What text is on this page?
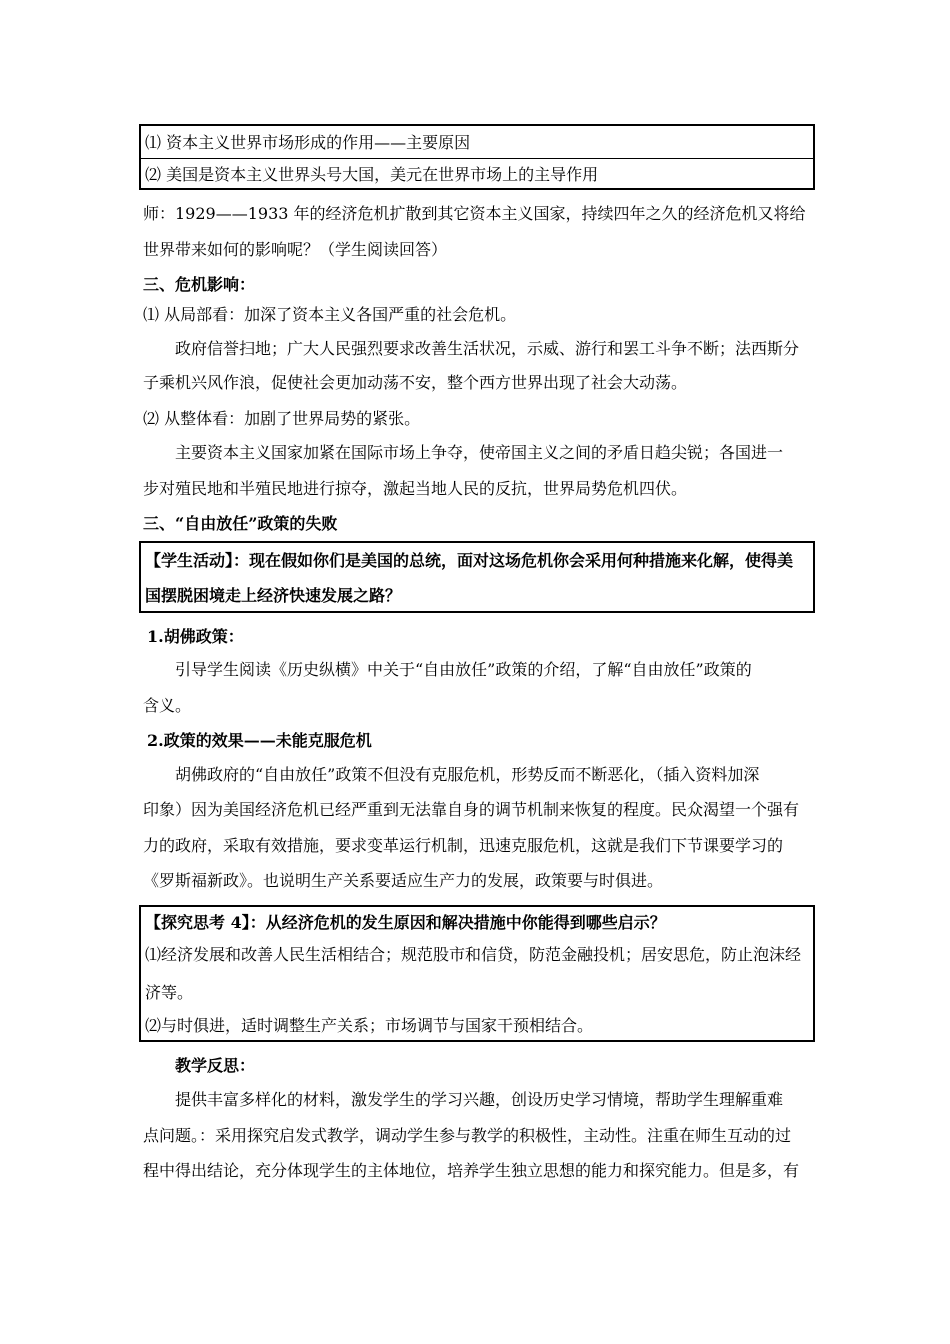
⑴ 资本主义世界市场形成的作用——主要原因
⑵ 美国是资本主义世界头号大国，美元在世界市场上的主导作用
师：1929——1933 年的经济危机扩散到其它资本主义国家，持续四年之久的经济危机又将给
世界带来如何的影响呢？（学生阅读回答）
三、危机影响：
⑴ 从局部看：加深了资本主义各国严重的社会危机。
政府信誉扫地；广大人民强烈要求改善生活状况，示威、游行和罢工斗争不断；法西斯分
子乘机兴风作浪，促使社会更加动荡不安，整个西方世界出现了社会大动荡。
⑵ 从整体看：加剧了世界局势的紧张。
主要资本主义国家加紧在国际市场上争夺，使帝国主义之间的矛盾日趋尖锐；各国进一
步对殖民地和半殖民地进行掠夺，激起当地人民的反抗，世界局势危机四伏。
三、“自由放任”政策的失败
【学生活动】：现在假如你们是美国的总统，面对这场危机你会采用何种措施来化解，使得美
国摆脱困境走上经济快速发展之路？
1.胡佛政策：
引导学生阅读《历史纵横》中关于“自由放任”政策的介绍，了解“自由放任”政策的
含义。
2.政策的效果——未能克服危机
胡佛政府的“自由放任”政策不但没有克服危机，形势反而不断恶化，（插入资料加深
印象）因为美国经济危机已经严重到无法靠自身的调节机制来恢复的程度。民众渴望一个强有
力的政府，采取有效措施，要求变革运行机制，迅速克服危机，这就是我们下节课要学习的
《罗斯福新政》。也说明生产关系要适应生产力的发展，政策要与时俱进。
【探究思考 4】：从经济危机的发生原因和解决措施中你能得到哪些启示？
⑴经济发展和改善人民生活相结合；规范股市和信贷，防范金融投机；居安思危，防止泡沫经
济等。
⑵与时俱进，适时调整生产关系；市场调节与国家干预相结合。
教学反思：
提供丰富多样化的材料，激发学生的学习兴趣，创设历史学习情境，帮助学生理解重难
点问题。：采用探究启发式教学，调动学生参与教学的积极性，主动性。注重在师生互动的过
程中得出结论，充分体现学生的主体地位，培养学生独立思想的能力和探究能力。但是多，有
